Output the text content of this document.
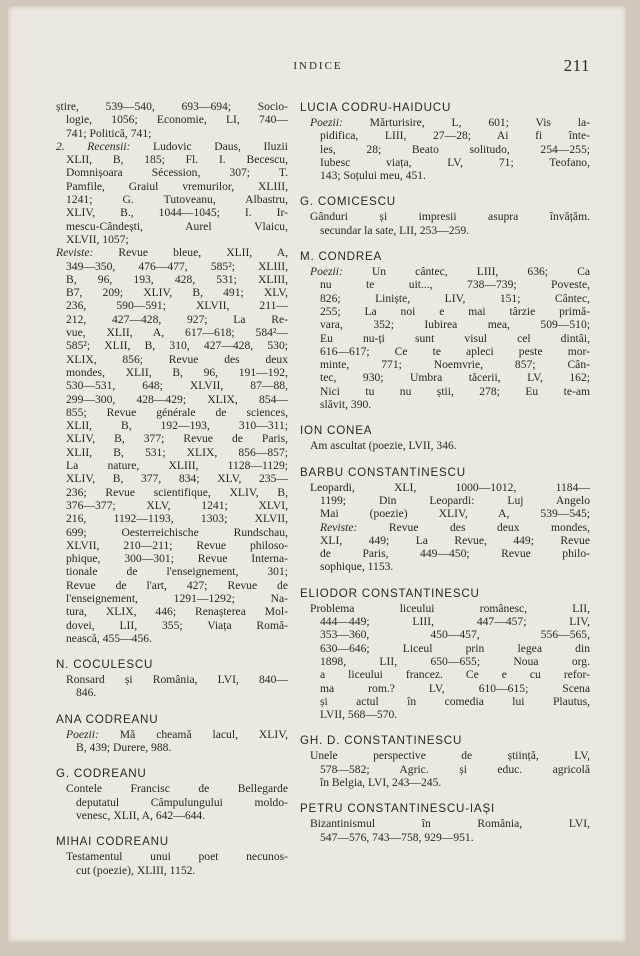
INDICE	211

știre, 539—540, 693—694; Socio-

logie, 1056; Economie, LI, 740—

741; Politică, 741;

2. Recensii: Ludovic Daus, Iluzii

XLII, B, 185; Fl. I. Becescu,

Domnișoara Sécession, 307; T.

Pamfile, Graiul vremurilor, XLIII,

1241; G. Tutoveanu, Albastru,

XLIV, B., 1044—1045; I. Ir-

mescu-Cândești, Aurel Vlaicu,

XLVII, 1057;

Reviste: Revue bleue, XLII, A,

349—350, 476—477, 585²; XLIII,

B, 96, 193, 428, 531; XLIII,

B7, 209; XLIV, B, 491; XLV,

236, 590—591; XLVII, 211—

212, 427—428, 927; La Re-

vue, XLII, A, 617—618; 584²—

585²; XLII, B, 310, 427—428, 530;

XLIX, 856; Revue des deux

mondes, XLII, B, 96, 191—192,

530—531, 648; XLVII, 87—88,

299—300, 428—429; XLIX, 854—

855; Revue générale de sciences,

XLII, B, 192—193, 310—311;

XLIV, B, 377; Revue de Paris,

XLII, B, 531; XLIX, 856—857;

La nature, XLIII, 1128—1129;

XLIV, B, 377, 834; XLV, 235—

236; Revue scientifique, XLIV, B,

376—377; XLV, 1241; XLVI,

216, 1192—1193, 1303; XLVII,

699; Oesterreichische Rundschau,

XLVII, 210—211; Revue philoso-

phique, 300—301; Revue Interna-

tionale de l'enseignement, 301;

Revue de l'art, 427; Revue de

l'enseignement, 1291—1292; Na-

tura, XLIX, 446; Renașterea Mol-

dovei, LII, 355; Viața Româ-

nească, 455—456.

N. COCULESCU

Ronsard și România, LVI, 840—

846.

ANA CODREANU

Poezii: Mă cheamă lacul, XLIV,

B, 439; Durere, 988.

G. CODREANU

Contele Francisc de Bellegarde

deputatul Câmpulungului moldo-

venesc, XLII, A, 642—644.

MIHAI CODREANU

Testamentul unui poet necunos-

cut (poezie), XLIII, 1152.

LUCIA CODRU-HAIDUCU

Poezii: Mărturisire, L, 601; Vis la-

pidifica, LIII, 27—28; Ai fi înte-

les, 28; Beato solitudo, 254—255;

Iubesc viața, LV, 71; Teofano,

143; Soțului meu, 451.

G. COMICESCU

Gânduri și impresii asupra învățăm.

secundar la sate, LII, 253—259.

M. CONDREA

Poezii: Un cântec, LIII, 636; Ca

nu te uit..., 738—739; Poveste,

826; Liniște, LIV, 151; Cântec,

255; La noi e mai târzie primă-

vara, 352; Iubirea mea, 509—510;

Eu nu-ți sunt visul cel dintâi,

616—617; Ce te apleci peste mor-

minte, 771; Noemvrie, 857; Cân-

tec, 930; Umbra tăcerii, LV, 162;

Nici tu nu știi, 278; Eu te-am

slăvit, 390.

ION CONEA

Am ascultat (poezie, LVII, 346.

BARBU CONSTANTINESCU

Leopardi, XLI, 1000—1012, 1184—

1199; Din Leopardi: Luj Angelo

Mai (poezie) XLIV, A, 539—545;

Reviste: Revue des deux mondes,

XLI, 449; La Revue, 449; Revue

de Paris, 449—450; Revue philo-

sophique, 1153.

ELIODOR CONSTANTINESCU

Problema liceului românesc, LII,

444—449; LIII, 447—457; LIV,

353—360, 450—457, 556—565,

630—646; Liceul prin legea din

1898, LII, 650—655; Noua org.

a liceului francez. Ce e cu refor-

ma rom.? LV, 610—615; Scena

și actul în comedia lui Plautus,

LVII, 568—570.

GH. D. CONSTANTINESCU

Unele perspective de știință, LV,

578—582; Agric. și educ. agricolă

în Belgia, LVI, 243—245.

PETRU CONSTANTINESCU-IAȘI

Bizantinismul în România, LVI,

547—576, 743—758, 929—951.
